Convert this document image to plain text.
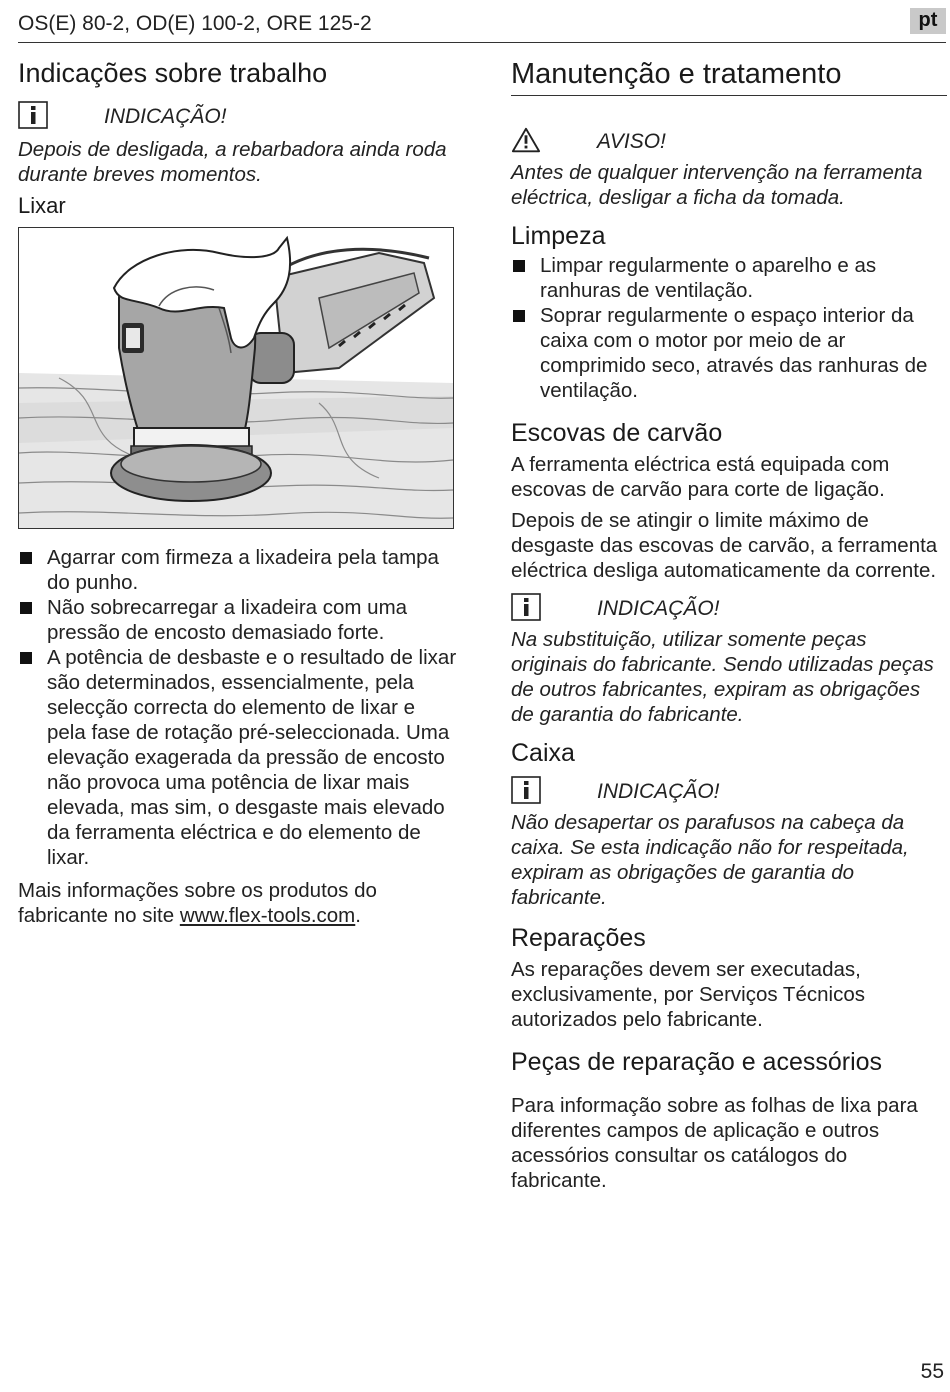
OS(E) 80-2, OD(E) 100-2, ORE 125-2	pt
Indicações sobre trabalho
INDICAÇÃO!

Depois de desligada, a rebarbadora ainda roda durante breves momentos.

Lixar
Agarrar com firmeza a lixadeira pela tampa do punho.
Não sobrecarregar a lixadeira com uma pressão de encosto demasiado forte.
A potência de desbaste e o resultado de lixar são determinados, essencialmente, pela selecção correcta do elemento de lixar e pela fase de rotação pré-seleccionada. Uma elevação exagerada da pressão de encosto não provoca uma potência de lixar mais elevada, mas sim, o desgaste mais elevado da ferramenta eléctrica e do elemento de lixar.

Mais informações sobre os produtos do fabricante no site www.flex-tools.com.

Manutenção e tratamento
AVISO!

Antes de qualquer intervenção na ferramenta eléctrica, desligar a ficha da tomada.

Limpeza
Limpar regularmente o aparelho e as ranhuras de ventilação.
Soprar regularmente o espaço interior da caixa com o motor por meio de ar comprimido seco, através das ranhuras de ventilação.
Escovas de carvão

A ferramenta eléctrica está equipada com escovas de carvão para corte de ligação.

Depois de se atingir o limite máximo de desgaste das escovas de carvão, a ferramenta eléctrica desliga automaticamente da corrente.

INDICAÇÃO!

Na substituição, utilizar somente peças originais do fabricante. Sendo utilizadas peças de outros fabricantes, expiram as obrigações de garantia do fabricante.

Caixa
INDICAÇÃO!

Não desapertar os parafusos na cabeça da caixa. Se esta indicação não for respeitada, expiram as obrigações de garantia do fabricante.

Reparações

As reparações devem ser executadas, exclusivamente, por Serviços Técnicos autorizados pelo fabricante.

Peças de reparação e acessórios

Para informação sobre as folhas de lixa para diferentes campos de aplicação e outros acessórios consultar os catálogos do fabricante.

55
